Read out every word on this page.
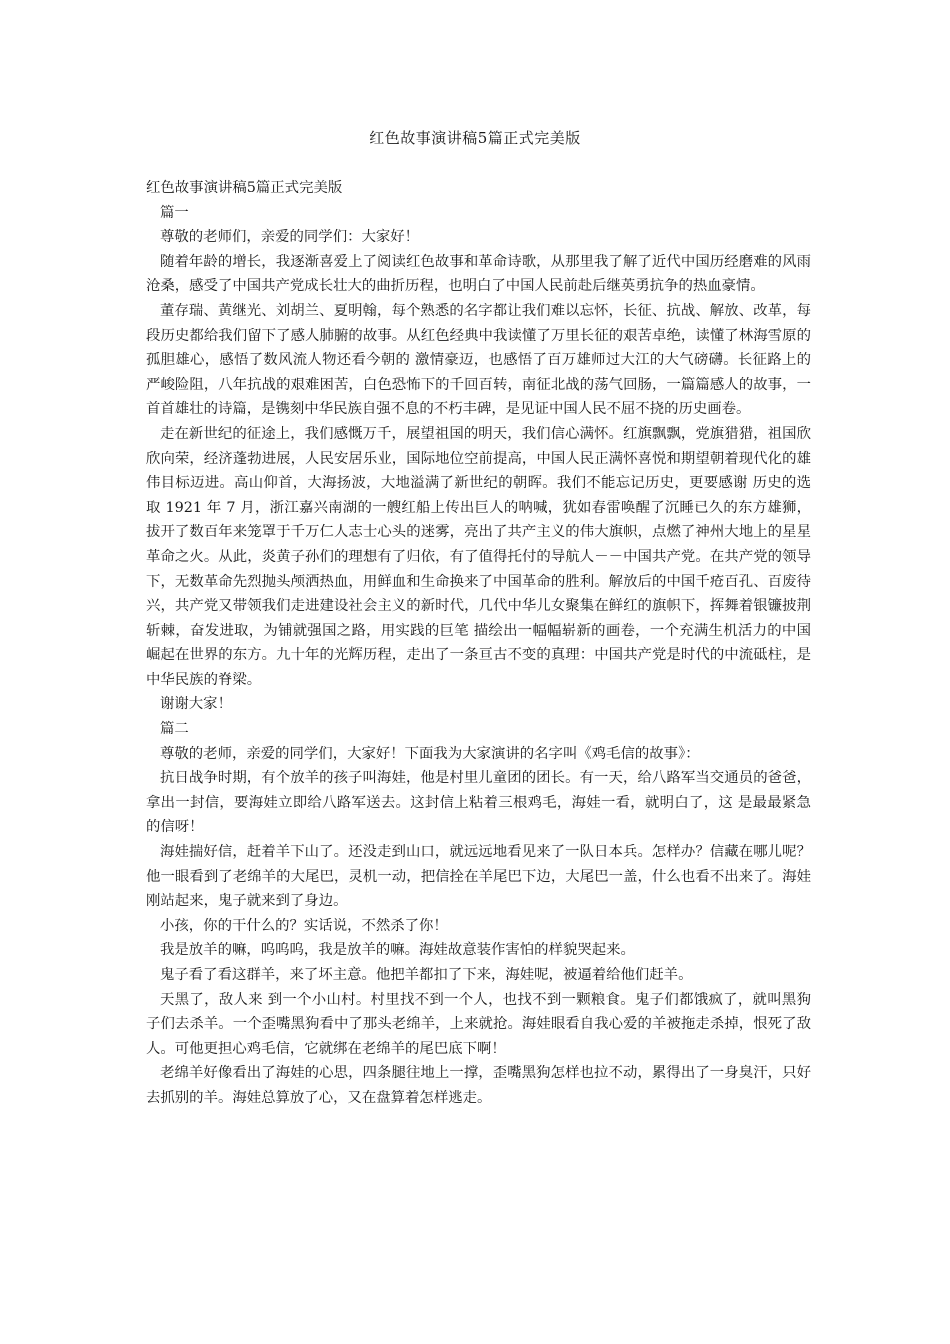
红色故事演讲稿5篇正式完美版

红色故事演讲稿5篇正式完美版

篇一

尊敬的老师们，亲爱的同学们：大家好！

随着年龄的增长，我逐渐喜爱上了阅读红色故事和革命诗歌，从那里我了解了近代中国历经磨难的风雨沧桑，感受了中国共产党成长壮大的曲折历程，也明白了中国人民前赴后继英勇抗争的热血豪情。

董存瑞、黄继光、刘胡兰、夏明翰，每个熟悉的名字都让我们难以忘怀，长征、抗战、解放、改革，每段历史都给我们留下了感人肺腑的故事。从红色经典中我读懂了万里长征的艰苦卓绝，读懂了林海雪原的孤胆雄心，感悟了数风流人物还看今朝的 激情豪迈，也感悟了百万雄师过大江的大气磅礴。长征路上的严峻险阻，八年抗战的艰难困苦，白色恐怖下的千回百转，南征北战的荡气回肠，一篇篇感人的故事，一首首雄壮的诗篇，是镌刻中华民族自强不息的不朽丰碑，是见证中国人民不屈不挠的历史画卷。

走在新世纪的征途上，我们感慨万千，展望祖国的明天，我们信心满怀。红旗飘飘，党旗猎猎，祖国欣欣向荣，经济蓬勃进展，人民安居乐业，国际地位空前提高，中国人民正满怀喜悦和期望朝着现代化的雄伟目标迈进。高山仰首，大海扬波，大地溢满了新世纪的朝晖。我们不能忘记历史，更要感谢 历史的选取 1921 年 7 月，浙江嘉兴南湖的一艘红船上传出巨人的呐喊，犹如春雷唤醒了沉睡已久的东方雄狮，拔开了数百年来笼罩于千万仁人志士心头的迷雾，亮出了共产主义的伟大旗帜，点燃了神州大地上的星星革命之火。从此，炎黄子孙们的理想有了归依，有了值得托付的导航人－－中国共产党。在共产党的领导下，无数革命先烈抛头颅洒热血，用鲜血和生命换来了中国革命的胜利。解放后的中国千疮百孔、百废待兴，共产党又带领我们走进建设社会主义的新时代，几代中华儿女聚集在鲜红的旗帜下，挥舞着银镰披荆斩棘，奋发进取，为铺就强国之路，用实践的巨笔 描绘出一幅幅崭新的画卷，一个充满生机活力的中国崛起在世界的东方。九十年的光辉历程，走出了一条亘古不变的真理：中国共产党是时代的中流砥柱，是中华民族的脊梁。

谢谢大家！

篇二

尊敬的老师，亲爱的同学们，大家好！下面我为大家演讲的名字叫《鸡毛信的故事》：

抗日战争时期，有个放羊的孩子叫海娃，他是村里儿童团的团长。有一天，给八路军当交通员的爸爸，拿出一封信，要海娃立即给八路军送去。这封信上粘着三根鸡毛，海娃一看，就明白了，这 是最最紧急的信呀！

海娃揣好信，赶着羊下山了。还没走到山口，就远远地看见来了一队日本兵。怎样办？信藏在哪儿呢？他一眼看到了老绵羊的大尾巴，灵机一动，把信拴在羊尾巴下边，大尾巴一盖，什么也看不出来了。海娃刚站起来，鬼子就来到了身边。

小孩，你的干什么的？实话说，不然杀了你！

我是放羊的嘛，呜呜呜，我是放羊的嘛。海娃故意装作害怕的样貌哭起来。

鬼子看了看这群羊，来了坏主意。他把羊都扣了下来，海娃呢，被逼着给他们赶羊。

天黑了，敌人来 到一个小山村。村里找不到一个人，也找不到一颗粮食。鬼子们都饿疯了，就叫黑狗子们去杀羊。一个歪嘴黑狗看中了那头老绵羊，上来就抢。海娃眼看自我心爱的羊被拖走杀掉，恨死了敌人。可他更担心鸡毛信，它就绑在老绵羊的尾巴底下啊！

老绵羊好像看出了海娃的心思，四条腿往地上一撑，歪嘴黑狗怎样也拉不动，累得出了一身臭汗，只好去抓别的羊。海娃总算放了心，又在盘算着怎样逃走。
